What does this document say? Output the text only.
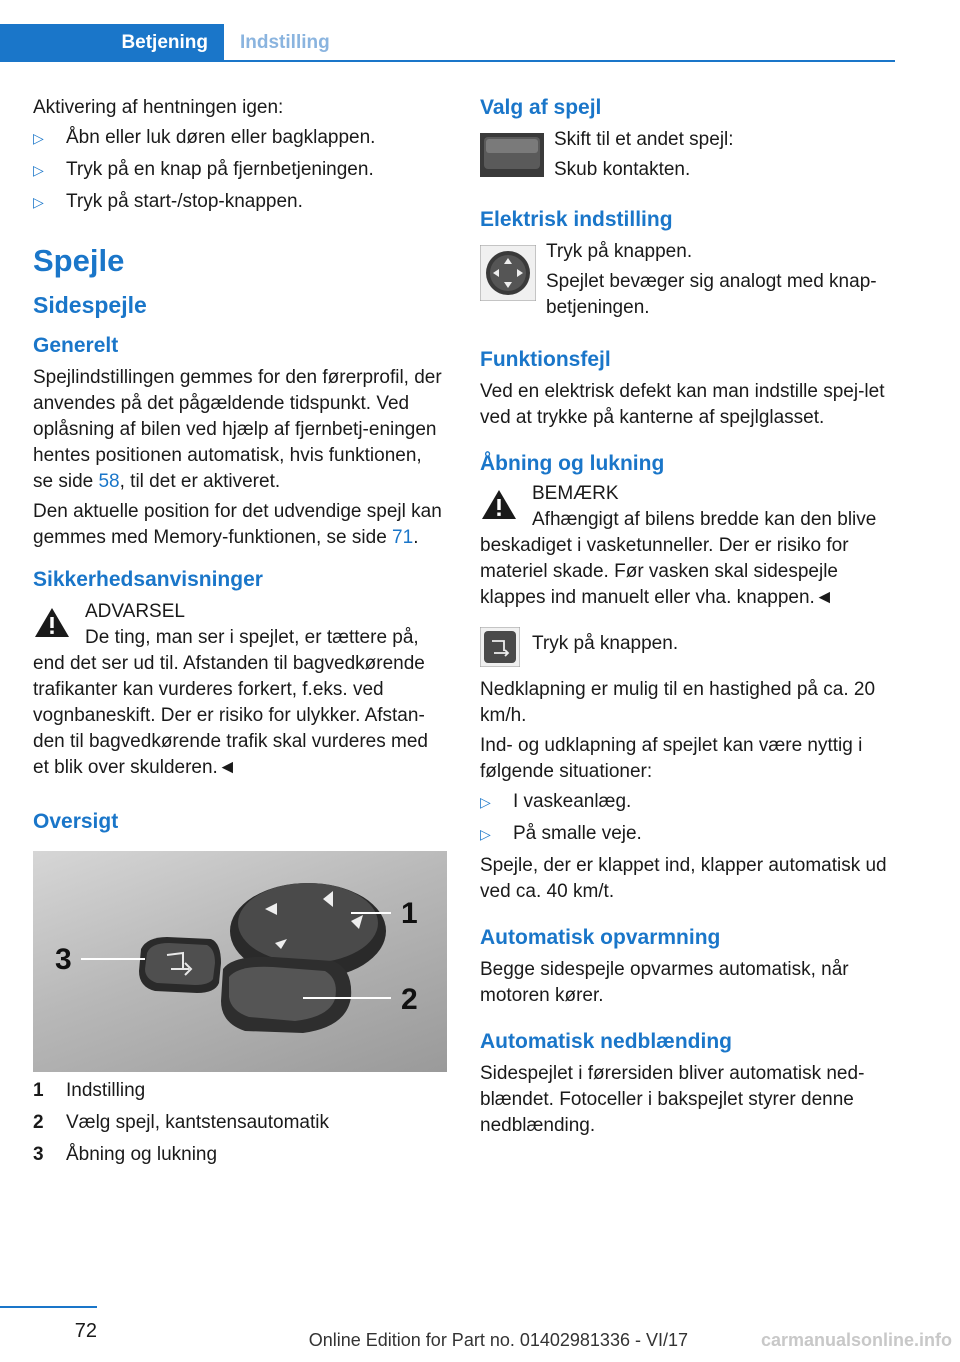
Betjening	Indstilling

Aktivering af hentningen igen:

▷ Åbn eller luk døren eller bagklappen.
▷ Tryk på en knap på fjernbetjeningen.
▷ Tryk på start-/stop-knappen.
Spejle
Sidespejle
Generelt

Spejlindstillingen gemmes for den førerprofil, der anvendes på det pågældende tidspunkt. Ved oplåsning af bilen ved hjælp af fjernbetj‐eningen hentes positionen automatisk, hvis funktionen, se side 58, til det er aktiveret.

Den aktuelle position for det udvendige spejl kan gemmes med Memory-funktionen, se side 71.

Sikkerhedsanvisninger

ADVARSEL

De ting, man ser i spejlet, er tættere på, end det ser ud til. Afstanden til bagvedkørende trafikanter kan vurderes forkert, f.eks. ved vognbaneskift. Der er risiko for ulykker. Afstan‐den til bagvedkørende trafik skal vurderes med et blik over skulderen.◄

Oversigt
1
2
3
1	Indstilling
2	Vælg spejl, kantstensautomatik
3	Åbning og lukning
Valg af spejl

Skift til et andet spejl:

Skub kontakten.

Elektrisk indstilling

Tryk på knappen.

Spejlet bevæger sig analogt med knap‐betjeningen.

Funktionsfejl

Ved en elektrisk defekt kan man indstille spej‐let ved at trykke på kanterne af spejlglasset.

Åbning og lukning

BEMÆRK

Afhængigt af bilens bredde kan den blive beskadiget i vasketunneller. Der er risiko for materiel skade. Før vasken skal sidespejle klappes ind manuelt eller vha. knappen.◄

Tryk på knappen.

Nedklapning er mulig til en hastighed på ca. 20 km/h.

Ind- og udklapning af spejlet kan være nyttig i følgende situationer:

▷ I vaskeanlæg.
▷ På smalle veje.

Spejle, der er klappet ind, klapper automatisk ud ved ca. 40 km/t.

Automatisk opvarmning

Begge sidespejle opvarmes automatisk, når motoren kører.

Automatisk nedblænding

Sidespejlet i førersiden bliver automatisk ned‐blændet. Fotoceller i bakspejlet styrer denne nedblænding.

72	Online Edition for Part no. 01402981336 - VI/17	carmanualsonline.info
